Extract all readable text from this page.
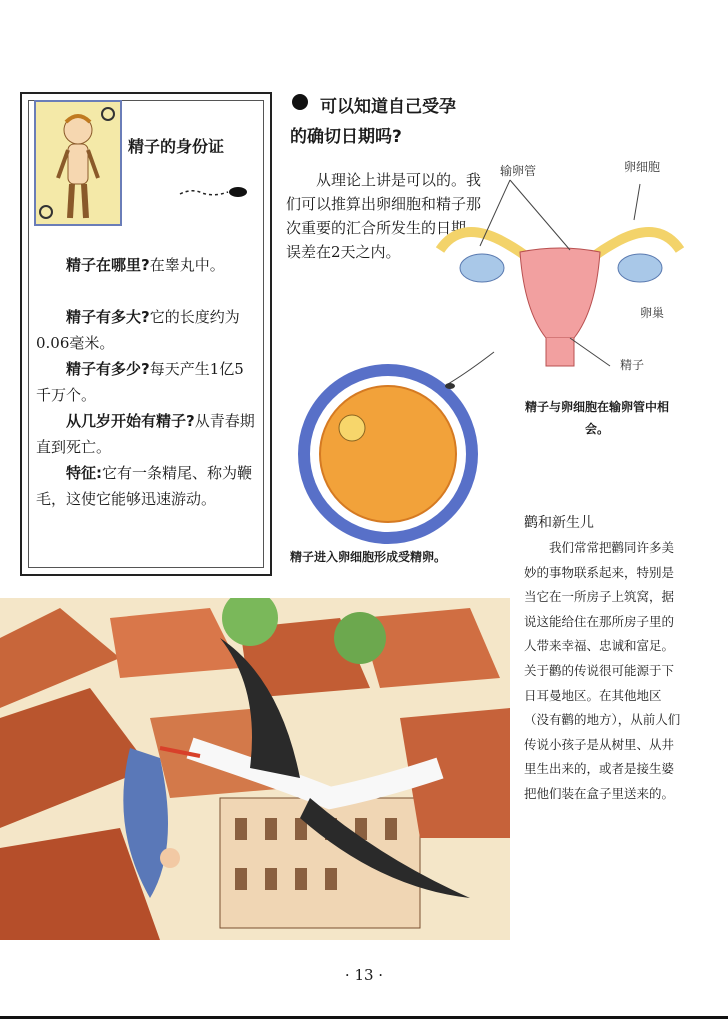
精子的身份证
精子在哪里?在睾丸中。
精子有多大?它的长度约为0.06毫米。
精子有多少?每天产生1亿5千万个。
从几岁开始有精子?从青春期直到死亡。
特征:它有一条精尾、称为鞭毛，这使它能够迅速游动。
可以知道自己受孕
的确切日期吗?
从理论上讲是可以的。我们可以推算出卵细胞和精子那次重要的汇合所发生的日期，误差在2天之内。
输卵管	卵细胞
卵巢
精子
精子与卵细胞在输卵管中相会。
精子进入卵细胞形成受精卵。
鹳和新生儿
我们常常把鹳同许多美妙的事物联系起来，特别是当它在一所房子上筑窝，据说这能给住在那所房子里的人带来幸福、忠诚和富足。关于鹳的传说很可能源于下日耳曼地区。在其他地区（没有鹳的地方），从前人们传说小孩子是从树里、从井里生出来的，或者是接生婆把他们装在盒子里送来的。
· 13 ·
